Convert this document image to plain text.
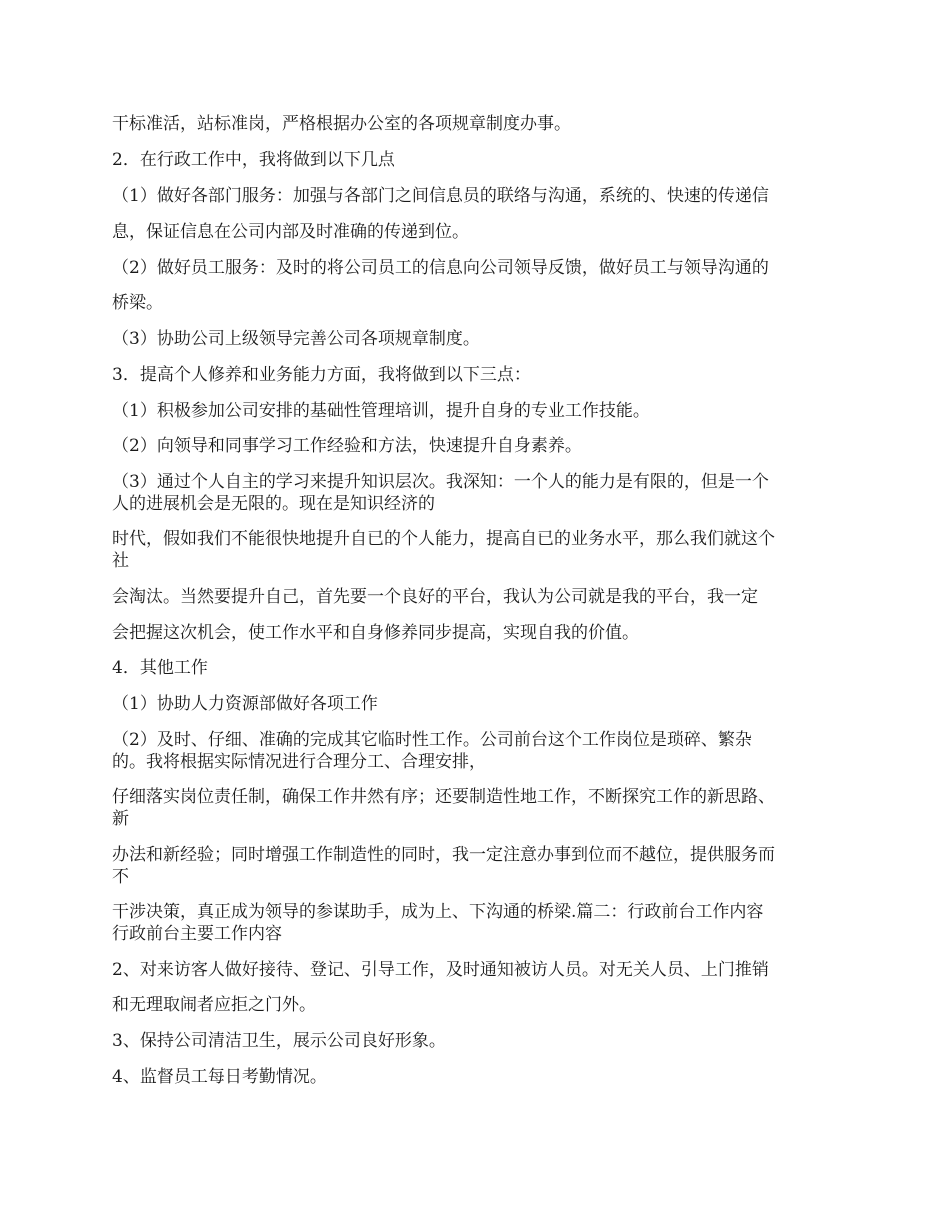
干标准活，站标准岗，严格根据办公室的各项规章制度办事。
2．在行政工作中，我将做到以下几点
（1）做好各部门服务：加强与各部门之间信息员的联络与沟通，系统的、快速的传递信
息，保证信息在公司内部及时准确的传递到位。
（2）做好员工服务：及时的将公司员工的信息向公司领导反馈，做好员工与领导沟通的
桥梁。
（3）协助公司上级领导完善公司各项规章制度。
3．提高个人修养和业务能力方面，我将做到以下三点：
（1）积极参加公司安排的基础性管理培训，提升自身的专业工作技能。
（2）向领导和同事学习工作经验和方法，快速提升自身素养。
（3）通过个人自主的学习来提升知识层次。我深知：一个人的能力是有限的，但是一个
人的进展机会是无限的。现在是知识经济的
时代，假如我们不能很快地提升自已的个人能力，提高自已的业务水平，那么我们就这个
社
会淘汰。当然要提升自己，首先要一个良好的平台，我认为公司就是我的平台，我一定
会把握这次机会，使工作水平和自身修养同步提高，实现自我的价值。
4．其他工作
（1）协助人力资源部做好各项工作
（2）及时、仔细、准确的完成其它临时性工作。公司前台这个工作岗位是琐碎、繁杂
的。我将根据实际情况进行合理分工、合理安排，
仔细落实岗位责任制，确保工作井然有序；还要制造性地工作，不断探究工作的新思路、
新
办法和新经验；同时增强工作制造性的同时，我一定注意办事到位而不越位，提供服务而
不
干涉决策，真正成为领导的参谋助手，成为上、下沟通的桥梁.篇二：行政前台工作内容
行政前台主要工作内容
2、对来访客人做好接待、登记、引导工作，及时通知被访人员。对无关人员、上门推销
和无理取闹者应拒之门外。
3、保持公司清洁卫生，展示公司良好形象。
4、监督员工每日考勤情况。
